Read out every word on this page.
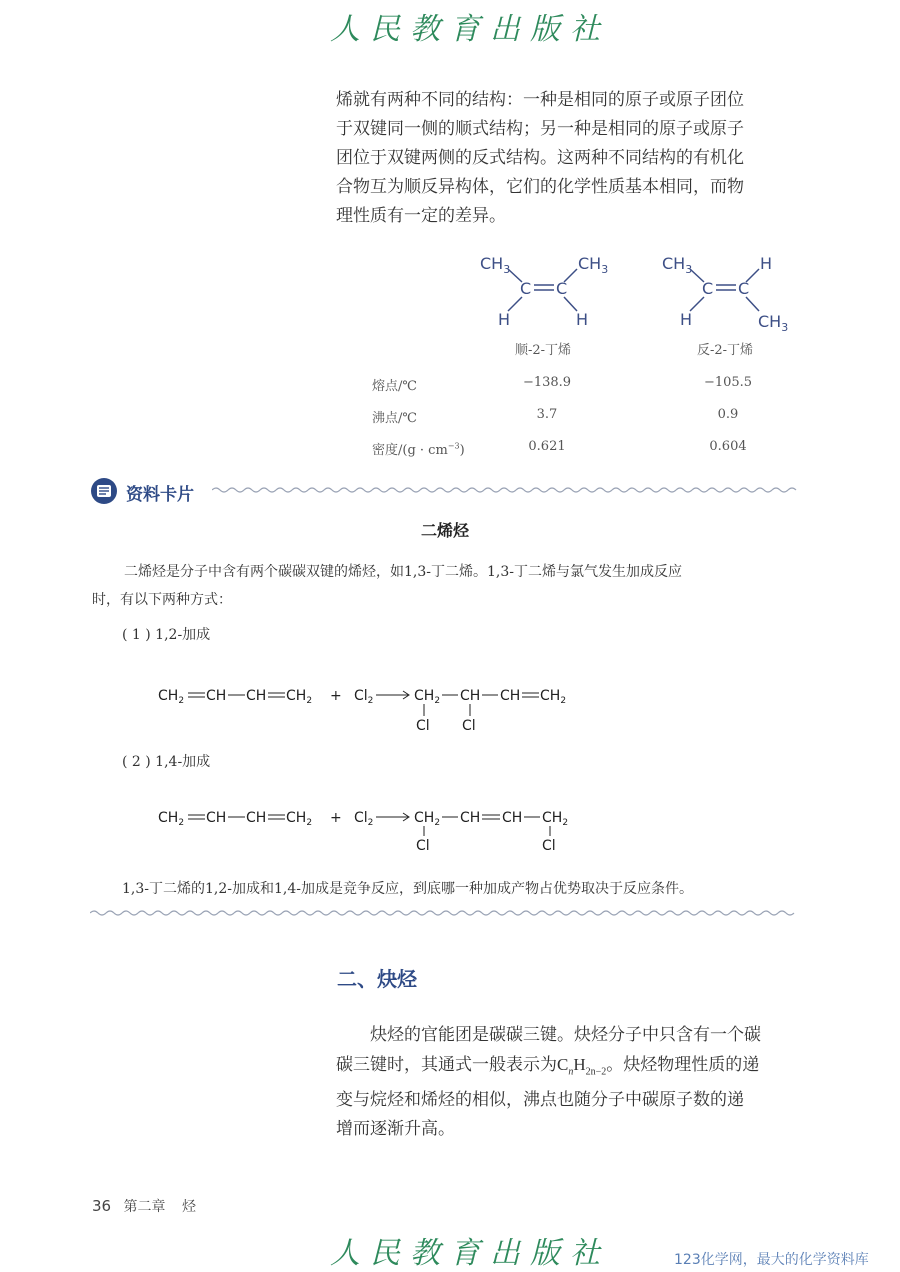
人民教育出版社
烯就有两种不同的结构：一种是相同的原子或原子团位
于双键同一侧的顺式结构；另一种是相同的原子或原子
团位于双键两侧的反式结构。这两种不同结构的有机化
合物互为顺反异构体，它们的化学性质基本相同，而物
理性质有一定的差异。
$CH_3$	$CH_3$
C C
H	H
$CH_3$	H
C C
H	$CH_3$
顺-2-丁烯	反-2-丁烯
熔点/℃	−138.9	−105.5
沸点/℃	3.7	0.9
密度$/(g \cdot cm^{-3})$	0.621	0.604
资料卡片
二烯烃
二烯烃是分子中含有两个碳碳双键的烯烃，如1,3-丁二烯。1,3-丁二烯与氯气发生加成反应
时，有以下两种方式：
( 1 ) 1,2-加成
$CH_2$ CH CH $CH_2 + Cl_2$	$CH_2$ CH CH $CH_2$
Cl Cl
( 2 ) 1,4-加成
$CH_2$ CH CH $CH_2 + Cl_2$	$CH_2$ CH CH $CH_2$
Cl	Cl
1,3-丁二烯的1,2-加成和1,4-加成是竞争反应，到底哪一种加成产物占优势取决于反应条件。
二、炔烃
炔烃的官能团是碳碳三键。炔烃分子中只含有一个碳
碳三键时，其通式一般表示为$C_nH_{2n-2}$。炔烃物理性质的递
变与烷烃和烯烃的相似，沸点也随分子中碳原子数的递
增而逐渐升高。
36 第二章 烃
人民教育出版社	123化学网，最大的化学资料库
